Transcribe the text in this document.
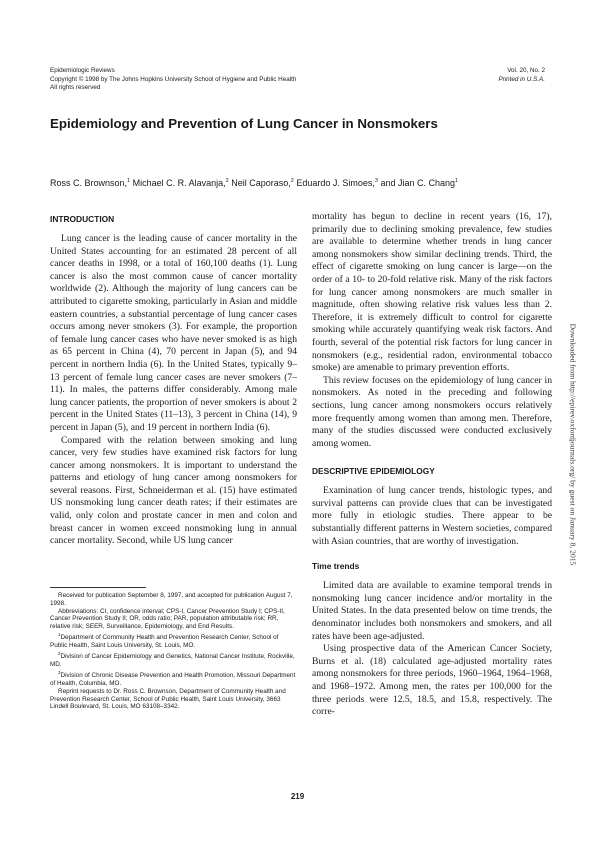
Epidemiologic Reviews
Copyright © 1998 by The Johns Hopkins University School of Hygiene and Public Health
All rights reserved
Vol. 20, No. 2
Printed in U.S.A.
Epidemiology and Prevention of Lung Cancer in Nonsmokers
Ross C. Brownson,$^1$ Michael C. R. Alavanja,$^2$ Neil Caporaso,$^2$ Eduardo J. Simoes,$^3$ and Jian C. Chang$^1$
INTRODUCTION

Lung cancer is the leading cause of cancer mortality in the United States accounting for an estimated 28 percent of all cancer deaths in 1998, or a total of 160,100 deaths (1). Lung cancer is also the most common cause of cancer mortality worldwide (2). Although the majority of lung cancers can be attributed to cigarette smoking, particularly in Asian and middle eastern countries, a substantial percentage of lung cancer cases occurs among never smokers (3). For example, the proportion of female lung cancer cases who have never smoked is as high as 65 percent in China (4), 70 percent in Japan (5), and 94 percent in northern India (6). In the United States, typically 9–13 percent of female lung cancer cases are never smokers (7–11). In males, the patterns differ considerably. Among male lung cancer patients, the proportion of never smokers is about 2 percent in the United States (11–13), 3 percent in China (14), 9 percent in Japan (5), and 19 percent in northern India (6).

Compared with the relation between smoking and lung cancer, very few studies have examined risk factors for lung cancer among nonsmokers. It is important to understand the patterns and etiology of lung cancer among nonsmokers for several reasons. First, Schneiderman et al. (15) have estimated US nonsmoking lung cancer death rates; if their estimates are valid, only colon and prostate cancer in men and colon and breast cancer in women exceed nonsmoking lung in annual cancer mortality. Second, while US lung cancer

mortality has begun to decline in recent years (16, 17), primarily due to declining smoking prevalence, few studies are available to determine whether trends in lung cancer among nonsmokers show similar declining trends. Third, the effect of cigarette smoking on lung cancer is large—on the order of a 10- to 20-fold relative risk. Many of the risk factors for lung cancer among nonsmokers are much smaller in magnitude, often showing relative risk values less than 2. Therefore, it is extremely difficult to control for cigarette smoking while accurately quantifying weak risk factors. And fourth, several of the potential risk factors for lung cancer in nonsmokers (e.g., residential radon, environmental tobacco smoke) are amenable to primary prevention efforts.

This review focuses on the epidemiology of lung cancer in nonsmokers. As noted in the preceding and following sections, lung cancer among nonsmokers occurs relatively more frequently among women than among men. Therefore, many of the studies discussed were conducted exclusively among women.

DESCRIPTIVE EPIDEMIOLOGY

Examination of lung cancer trends, histologic types, and survival patterns can provide clues that can be investigated more fully in etiologic studies. There appear to be substantially different patterns in Western societies, compared with Asian countries, that are worthy of investigation.

Time trends

Limited data are available to examine temporal trends in nonsmoking lung cancer incidence and/or mortality in the United States. In the data presented below on time trends, the denominator includes both nonsmokers and smokers, and all rates have been age-adjusted.

Using prospective data of the American Cancer Society, Burns et al. (18) calculated age-adjusted mortality rates among nonsmokers for three periods, 1960–1964, 1964–1968, and 1968–1972. Among men, the rates per 100,000 for the three periods were 12.5, 18.5, and 15.8, respectively. The corre-

Received for publication September 8, 1997, and accepted for publication August 7, 1998.

Abbreviations: CI, confidence interval; CPS-I, Cancer Prevention Study I; CPS-II, Cancer Prevention Study II; OR, odds ratio; PAR, population attributable risk; RR, relative risk; SEER, Surveillance, Epidemiology, and End Results.

$^1$Department of Community Health and Prevention Research Center, School of Public Health, Saint Louis University, St. Louis, MO.

$^2$Division of Cancer Epidemiology and Genetics, National Cancer Institute, Rockville, MD.

$^3$Division of Chronic Disease Prevention and Health Promotion, Missouri Department of Health, Columbia, MO.

Reprint requests to Dr. Ross C. Brownson, Department of Community Health and Prevention Research Center, School of Public Health, Saint Louis University, 3663 Lindell Boulevard, St. Louis, MO 63108–3342.

219
Downloaded from http://epirev.oxfordjournals.org/ by guest on January 8, 2015
